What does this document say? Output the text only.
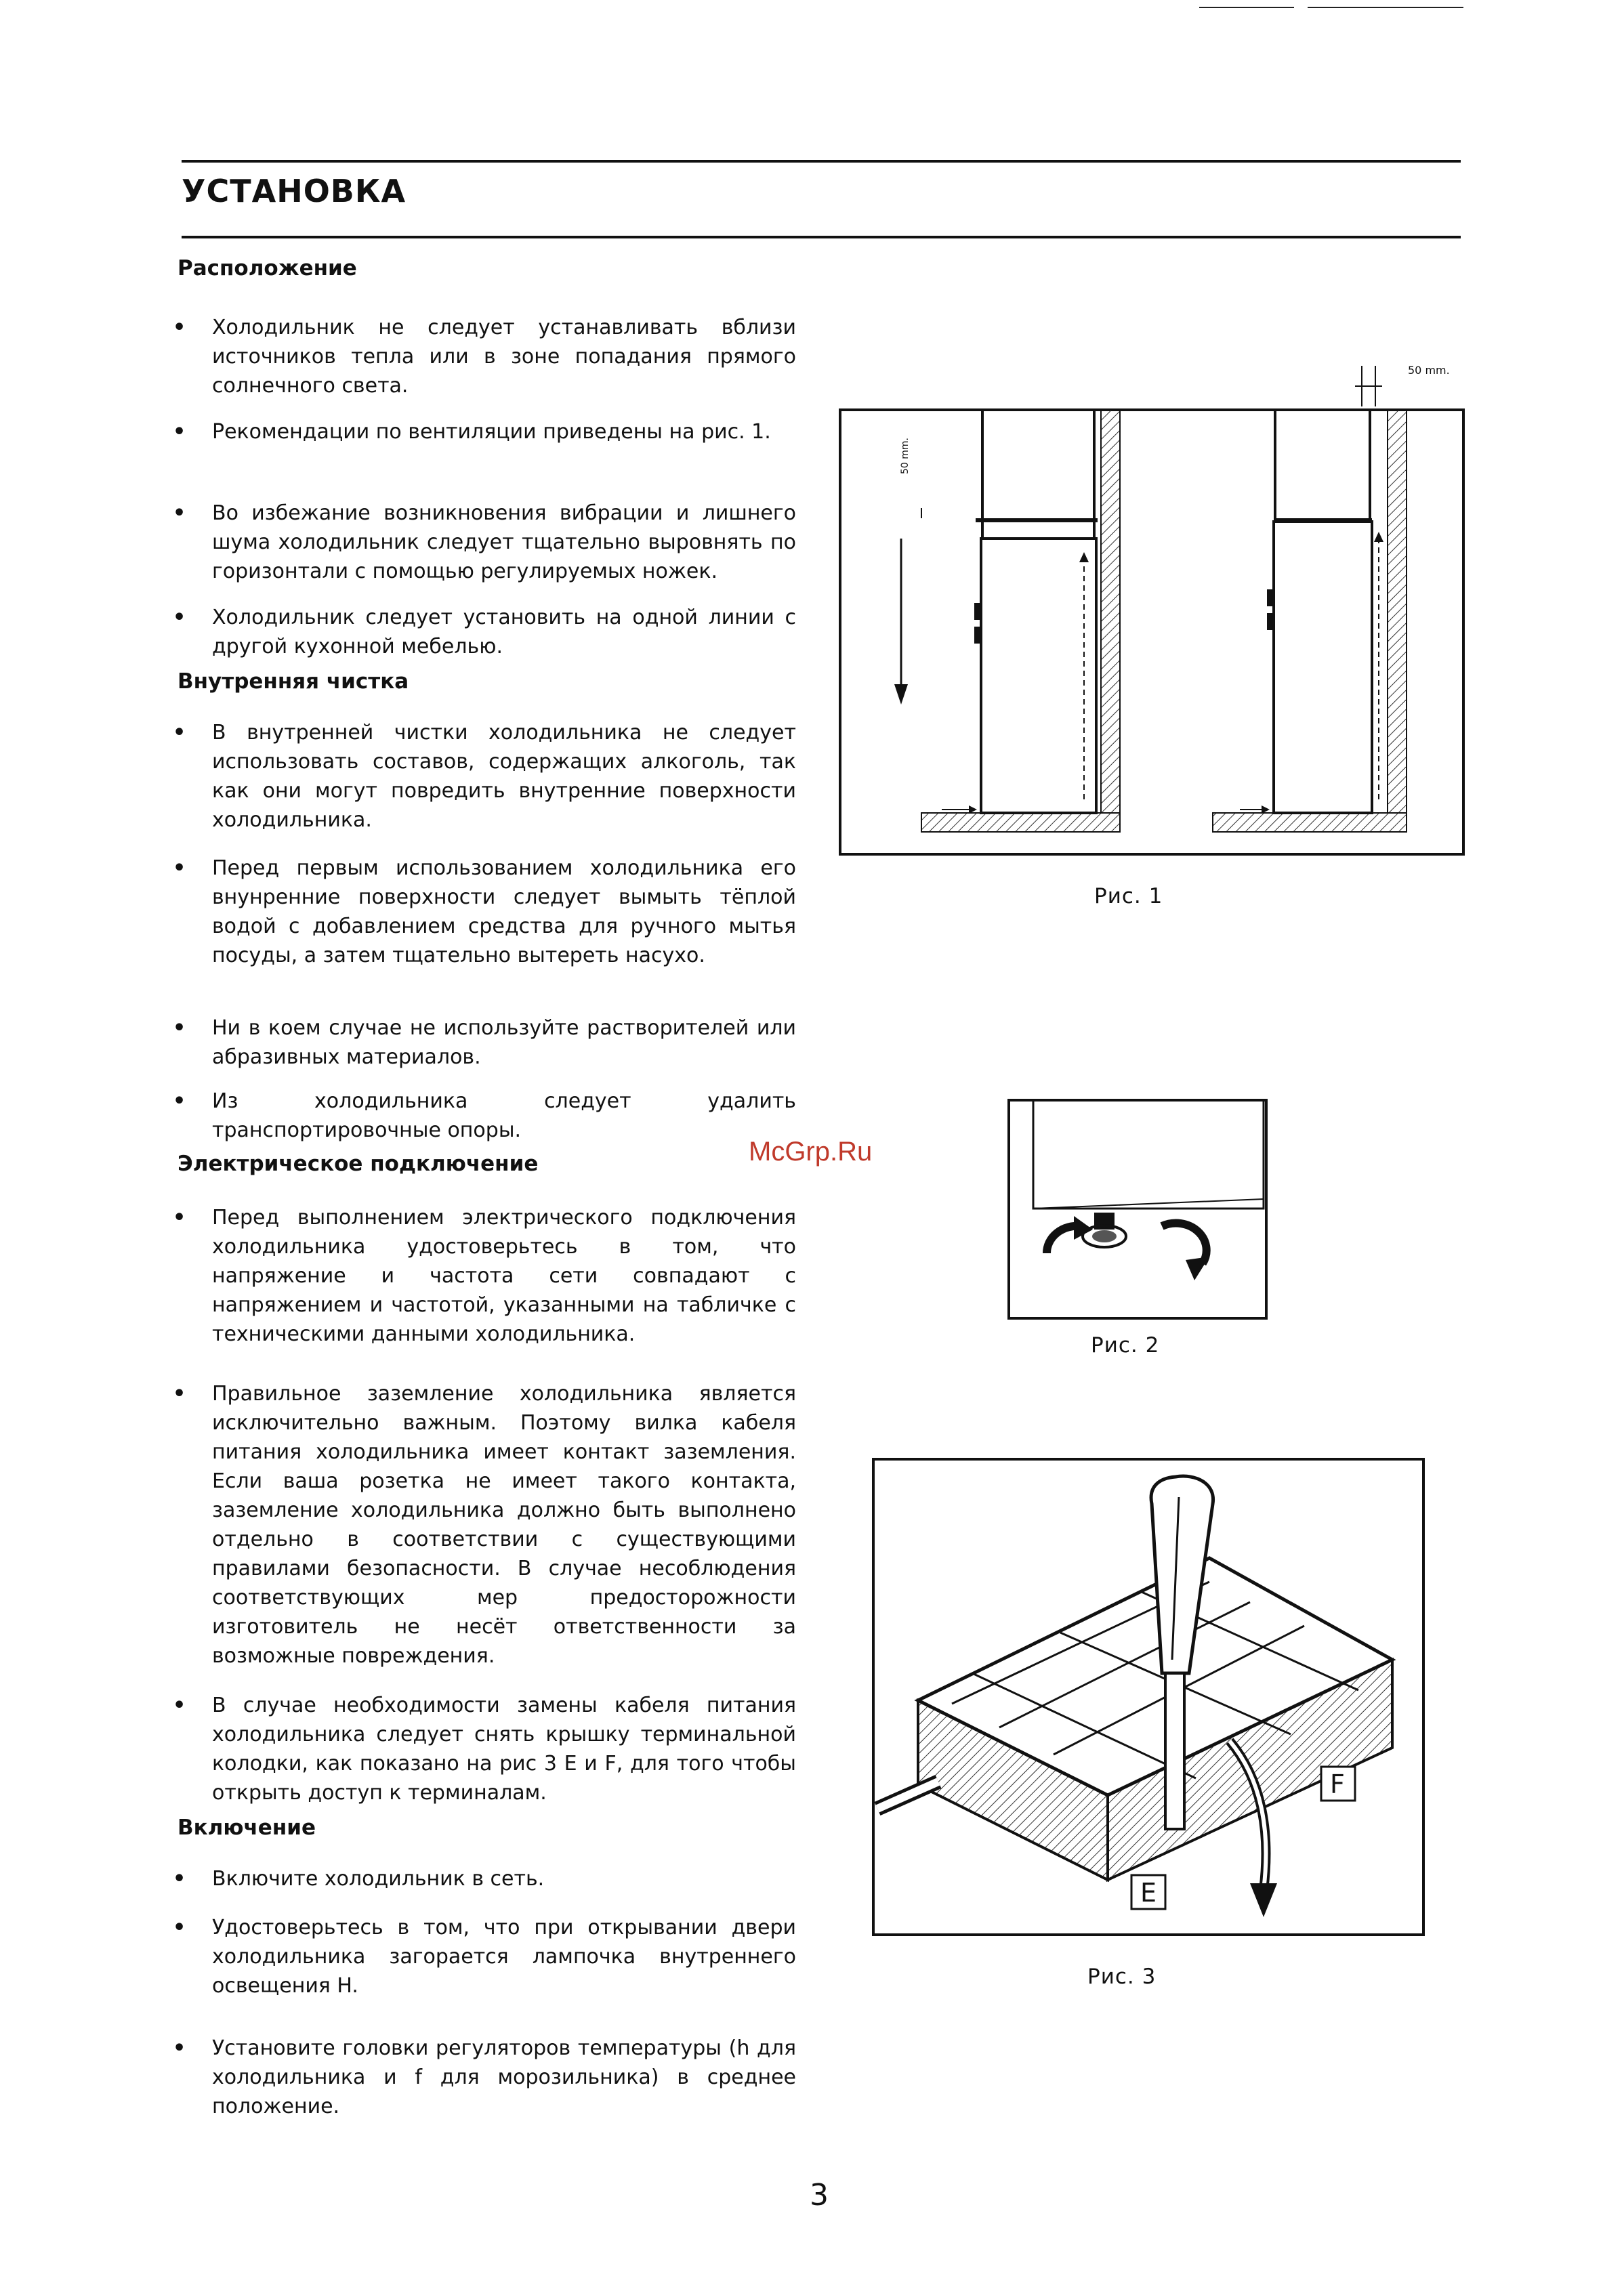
УСТАНОВКА
Расположение
•	Холодильник не следует устанавливать вблизи источников тепла или в зоне попадания прямого солнечного света.
•	Рекомендации по вентиляции приведены на рис. 1.
•	Во избежание возникновения вибрации и лишнего шума холодильник следует тщательно выровнять по горизонтали с помощью регулируемых ножек.
•	Холодильник следует установить на одной линии с другой кухонной мебелью.
Внутренняя чистка
•	В внутренней чистки холодильника не следует использовать составов, содержащих алкоголь, так как они могут повредить внутренние поверхности холодильника.
•	Перед первым использованием холодильника его внунренние поверхности следует вымыть тёплой водой с добавлением средства для ручного мытья посуды, а затем тщательно вытереть насухо.
•	Ни в коем случае не используйте растворителей или абразивных материалов.
•	Из холодильника следует удалить транспортировочные опоры.
Электрическое подключение
•	Перед выполнением электрического подключения холодильника удостоверьтесь в том, что напряжение и частота сети совпадают с напряжением и частотой, указанными на табличке с техническими данными холодильника.
•	Правильное заземление холодильника является исключительно важным. Поэтому вилка кабеля питания холодильника имеет контакт заземления. Если ваша розетка не имеет такого контакта, заземление холодильника должно быть выполнено отдельно в соответствии с существующими правилами безопасности. В случае несоблюдения соответствующих мер предосторожности изготовитель не несёт ответственности за возможные повреждения.
•	В случае необходимости замены кабеля питания холодильника следует снять крышку терминальной колодки, как показано на рис 3 E и F, для того чтобы открыть доступ к терминалам.
Включение
•	Включите холодильник в сеть.
•	Удостоверьтесь в том, что при открывании двери холодильника загорается лампочка внутреннего освещения H.
•	Установите головки регуляторов температуры (h для холодильника и f для морозильника) в среднее положение.
50 mm.
50 mm.
Рис. 1
Рис. 2
F
E
Рис. 3
McGrp.Ru
3
